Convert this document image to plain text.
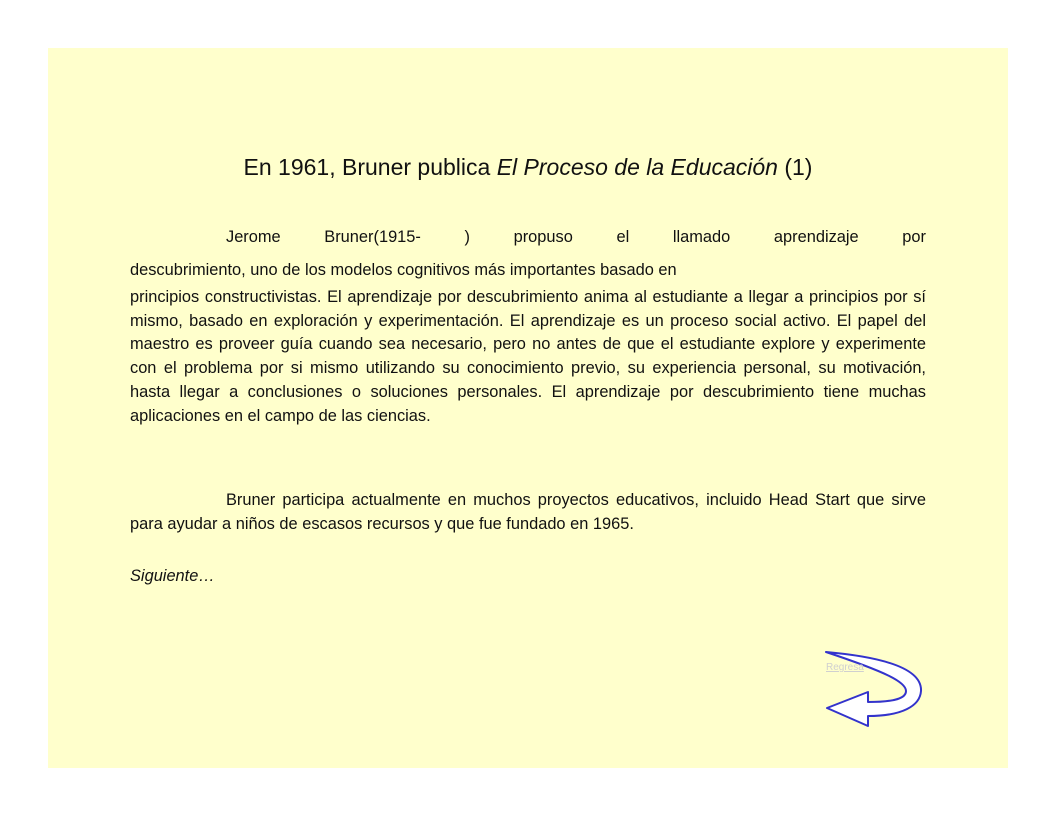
En 1961, Bruner publica El Proceso de la Educación (1)

Jerome Bruner(1915- ) propuso el llamado aprendizaje por

descubrimiento, uno de los modelos cognitivos más importantes basado en

principios constructivistas. El aprendizaje por descubrimiento anima al estudiante a llegar a principios por sí mismo, basado en exploración y experimentación. El aprendizaje es un proceso social activo. El papel del maestro es proveer guía cuando sea necesario, pero no antes de que el estudiante explore y experimente con el problema por si mismo utilizando su conocimiento previo, su experiencia personal, su motivación, hasta llegar a conclusiones o soluciones personales. El aprendizaje por descubrimiento tiene muchas aplicaciones en el campo de las ciencias.

Bruner participa actualmente en muchos proyectos educativos, incluido Head Start que sirve para ayudar a niños de escasos recursos y que fue fundado en 1965.

Siguiente…
Regresa
